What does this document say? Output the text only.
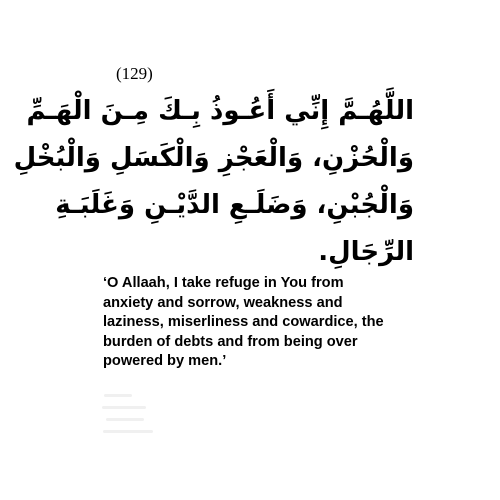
(129)
اللَّهُـمَّ إِنِّي أَعُـوذُ بِـكَ مِـنَ الْهَـمِّ
وَالْحُزْنِ، وَالْعَجْزِ وَالْكَسَلِ وَالْبُخْلِ
وَالْجُبْنِ، وَضَلَـعِ الدَّيْـنِ وَغَلَبَـةِ
الرِّجَالِ.
‘O Allaah, I take refuge in You from
anxiety and sorrow, weakness and
laziness, miserliness and cowardice, the
burden of debts and from being over
powered by men.’
